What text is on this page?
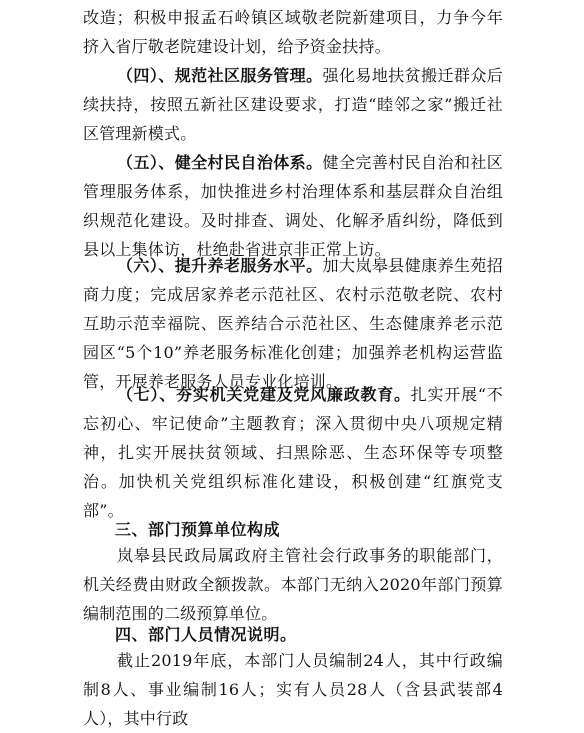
改造；积极申报孟石岭镇区域敬老院新建项目，力争今年挤入省厅敬老院建设计划，给予资金扶持。

（四）、规范社区服务管理。强化易地扶贫搬迁群众后续扶持，按照五新社区建设要求，打造“睦邻之家”搬迁社区管理新模式。

（五）、健全村民自治体系。健全完善村民自治和社区管理服务体系，加快推进乡村治理体系和基层群众自治组织规范化建设。及时排查、调处、化解矛盾纠纷，降低到县以上集体访，杜绝赴省进京非正常上访。

（六）、提升养老服务水平。加大岚皋县健康养生苑招商力度；完成居家养老示范社区、农村示范敬老院、农村互助示范幸福院、医养结合示范社区、生态健康养老示范园区“5个10”养老服务标准化创建；加强养老机构运营监管，开展养老服务人员专业化培训。

（七）、夯实机关党建及党风廉政教育。扎实开展“不忘初心、牢记使命”主题教育；深入贯彻中央八项规定精神，扎实开展扶贫领域、扫黑除恶、生态环保等专项整治。加快机关党组织标准化建设，积极创建“红旗党支部”。

三、部门预算单位构成

岚皋县民政局属政府主管社会行政事务的职能部门，机关经费由财政全额拨款。本部门无纳入2020年部门预算编制范围的二级预算单位。

四、部门人员情况说明。

截止2019年底，本部门人员编制24人，其中行政编制8人、事业编制16人；实有人员28人（含县武装部4人），其中行政
